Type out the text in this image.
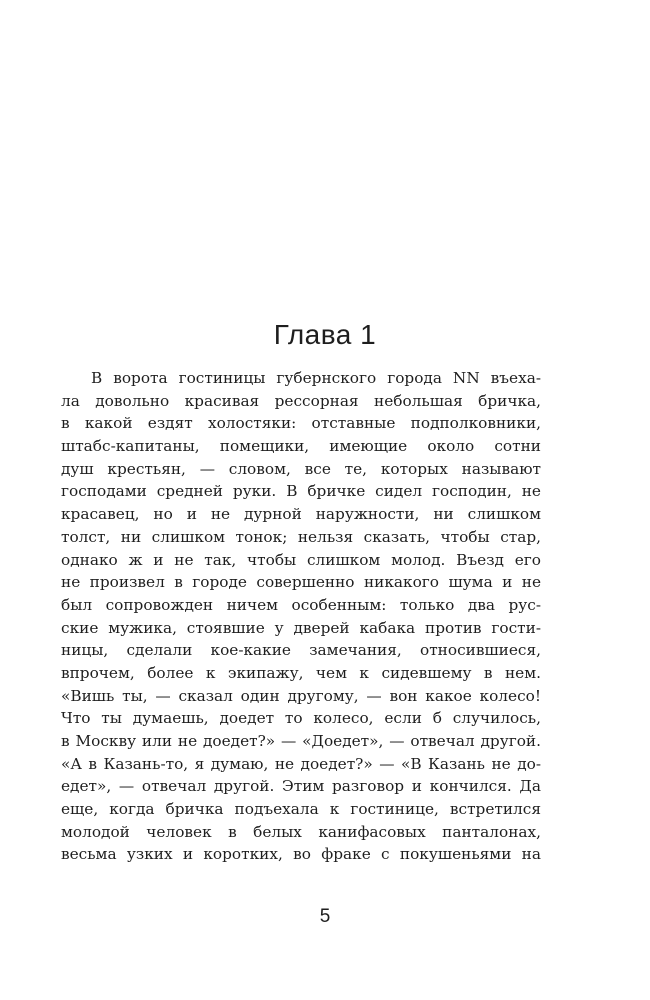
Глава 1
В ворота гостиницы губернского города NN въеха-
ла довольно красивая рессорная небольшая бричка,
в какой ездят холостяки: отставные подполковники,
штабс-капитаны, помещики, имеющие около сотни
душ крестьян, — словом, все те, которых называют
господами средней руки. В бричке сидел господин, не
красавец, но и не дурной наружности, ни слишком
толст, ни слишком тонок; нельзя сказать, чтобы стар,
однако ж и не так, чтобы слишком молод. Въезд его
не произвел в городе совершенно никакого шума и не
был сопровожден ничем особенным: только два рус-
ские мужика, стоявшие у дверей кабака против гости-
ницы, сделали кое-какие замечания, относившиеся,
впрочем, более к экипажу, чем к сидевшему в нем.
«Вишь ты, — сказал один другому, — вон какое колесо!
Что ты думаешь, доедет то колесо, если б случилось,
в Москву или не доедет?» — «Доедет», — отвечал другой.
«А в Казань-то, я думаю, не доедет?» — «В Казань не до-
едет», — отвечал другой. Этим разговор и кончился. Да
еще, когда бричка подъехала к гостинице, встретился
молодой человек в белых канифасовых панталонах,
весьма узких и коротких, во фраке с покушеньями на
5
